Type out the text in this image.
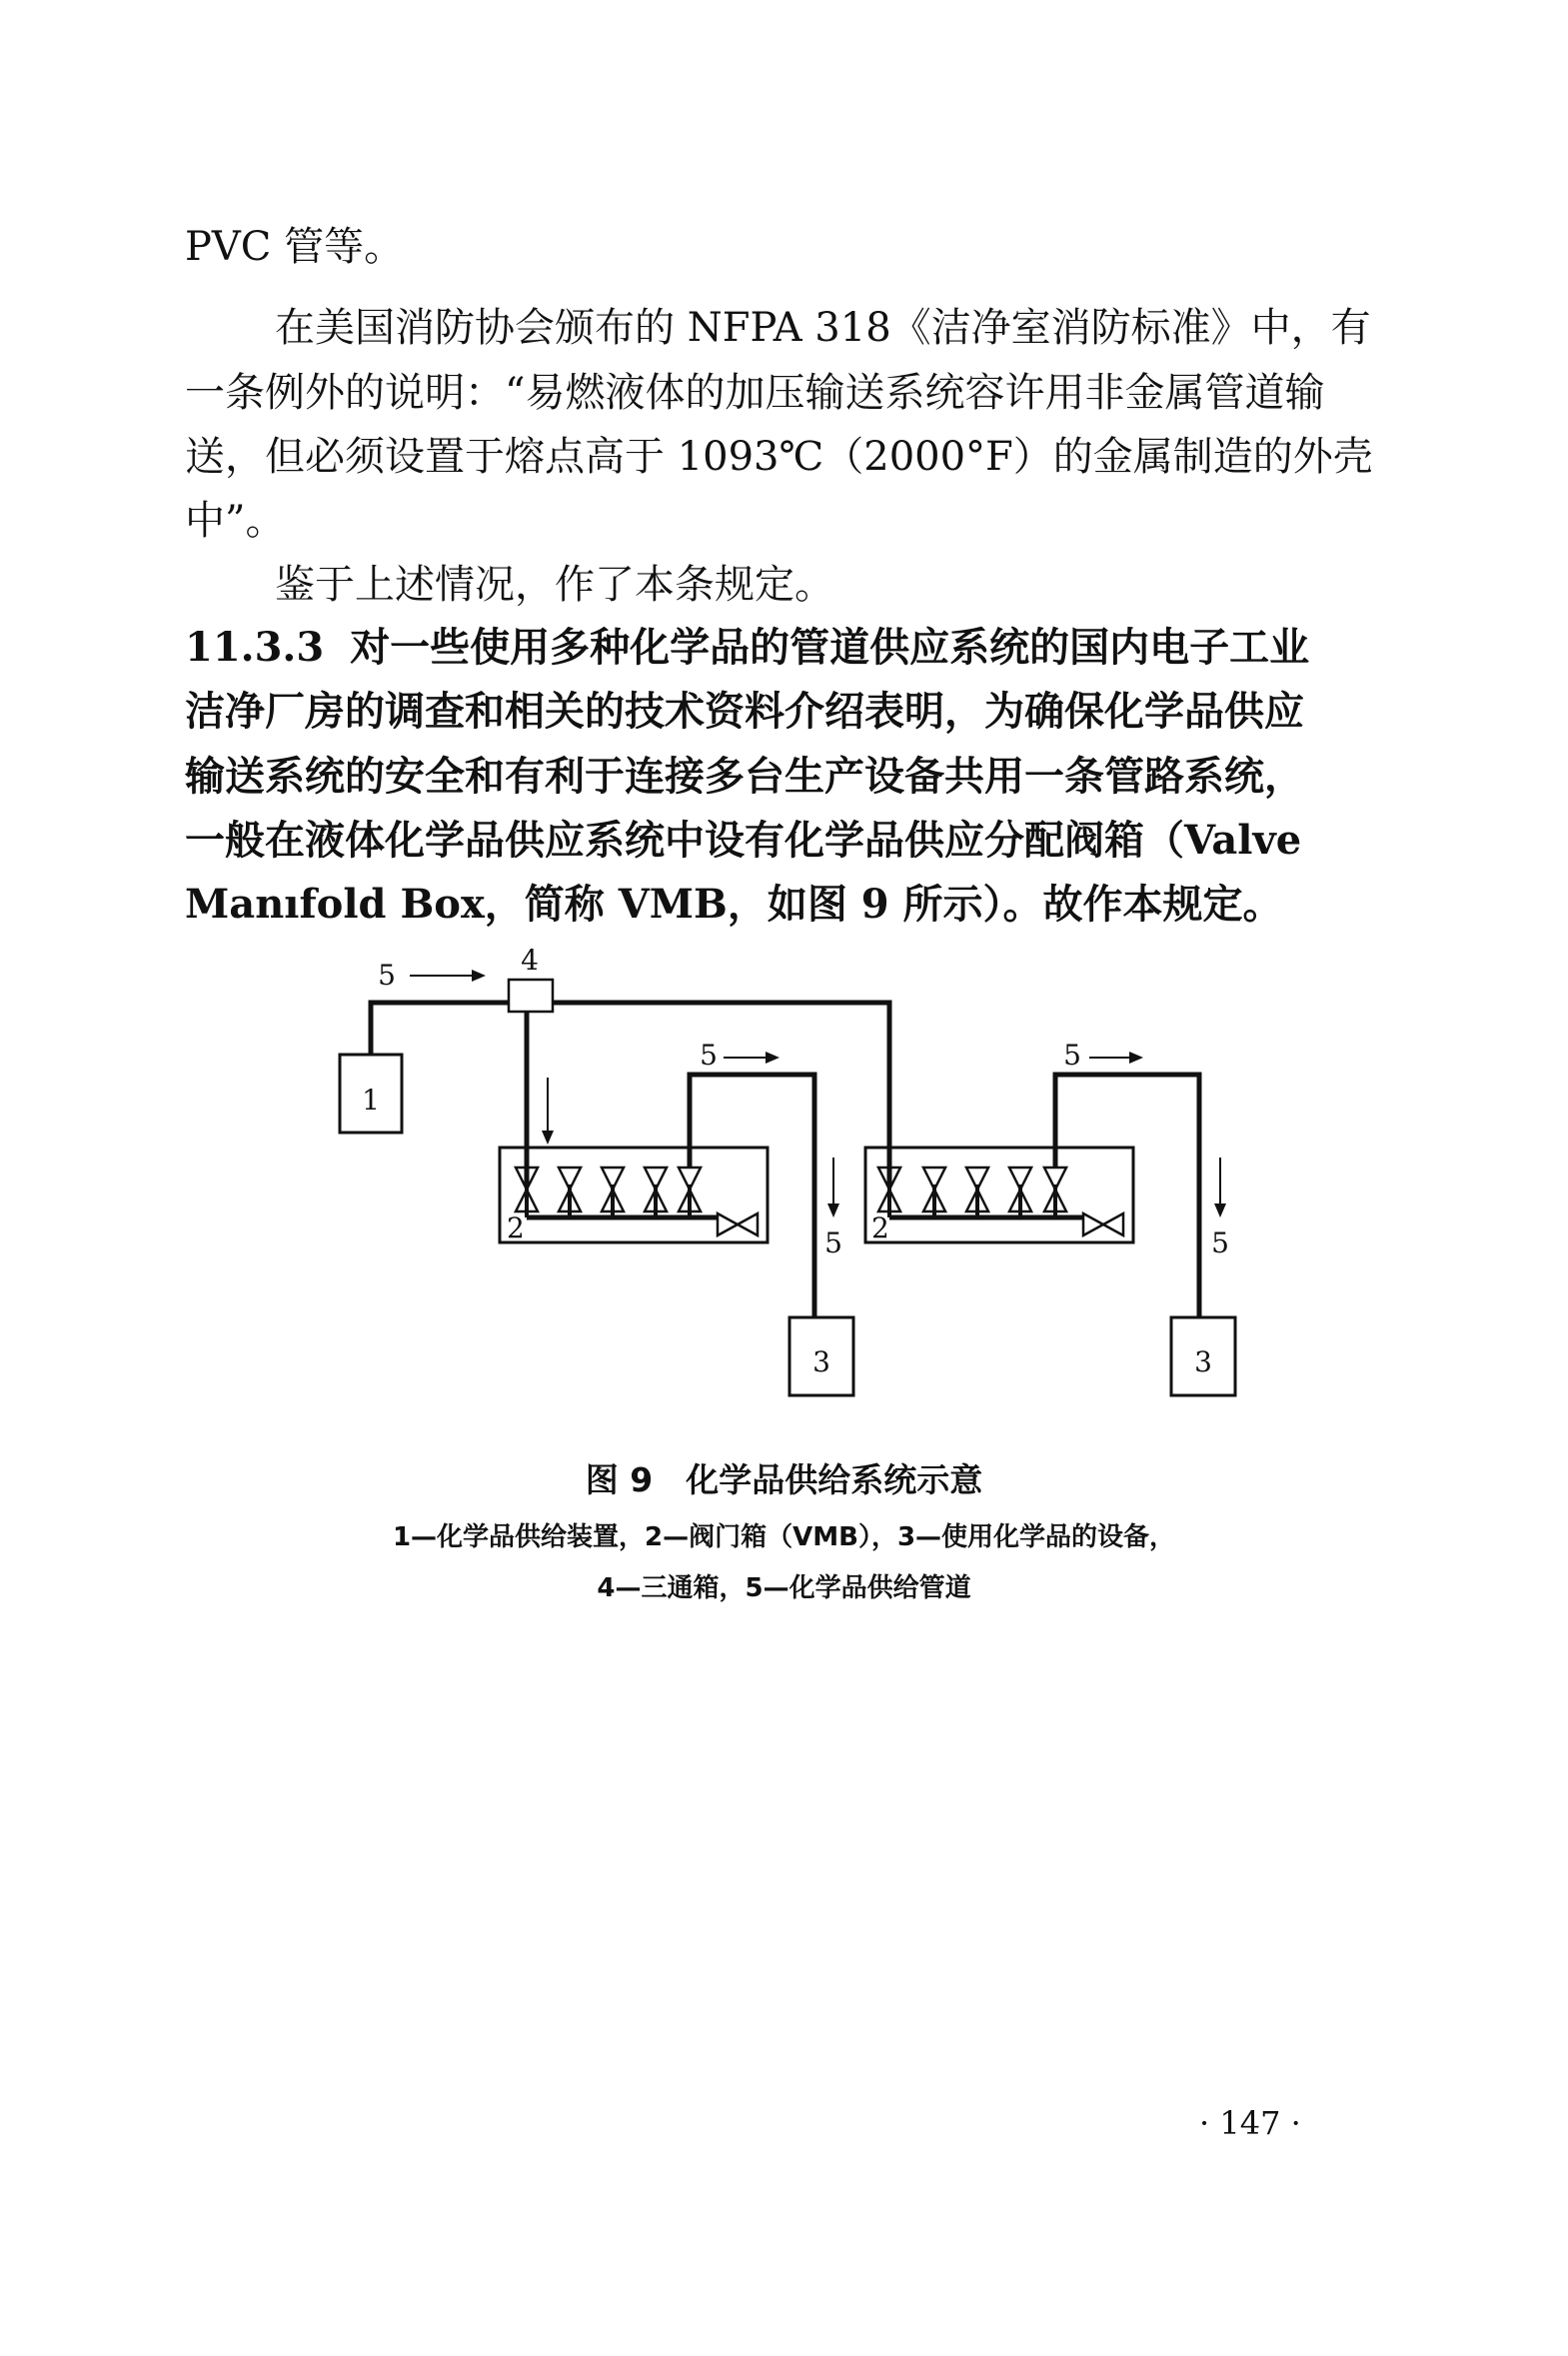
PVC 管等。
在美国消防协会颁布的 NFPA 318《洁净室消防标准》中，有
一条例外的说明：“易燃液体的加压输送系统容许用非金属管道输
送，但必须设置于熔点高于 1093℃（2000°F）的金属制造的外壳
中”。
鉴于上述情况，作了本条规定。
11.3.3 对一些使用多种化学品的管道供应系统的国内电子工业
洁净厂房的调查和相关的技术资料介绍表明，为确保化学品供应
输送系统的安全和有利于连接多台生产设备共用一条管路系统，
一般在液体化学品供应系统中设有化学品供应分配阀箱（Valve
Manıfold Box，简称 VMB，如图 9 所示）。故作本规定。
1
4
5
2
5
5
3
2
5
5
3
图 9　化学品供给系统示意
1—化学品供给装置，2—阀门箱（VMB），3—使用化学品的设备，
4—三通箱，5—化学品供给管道
· 147 ·
